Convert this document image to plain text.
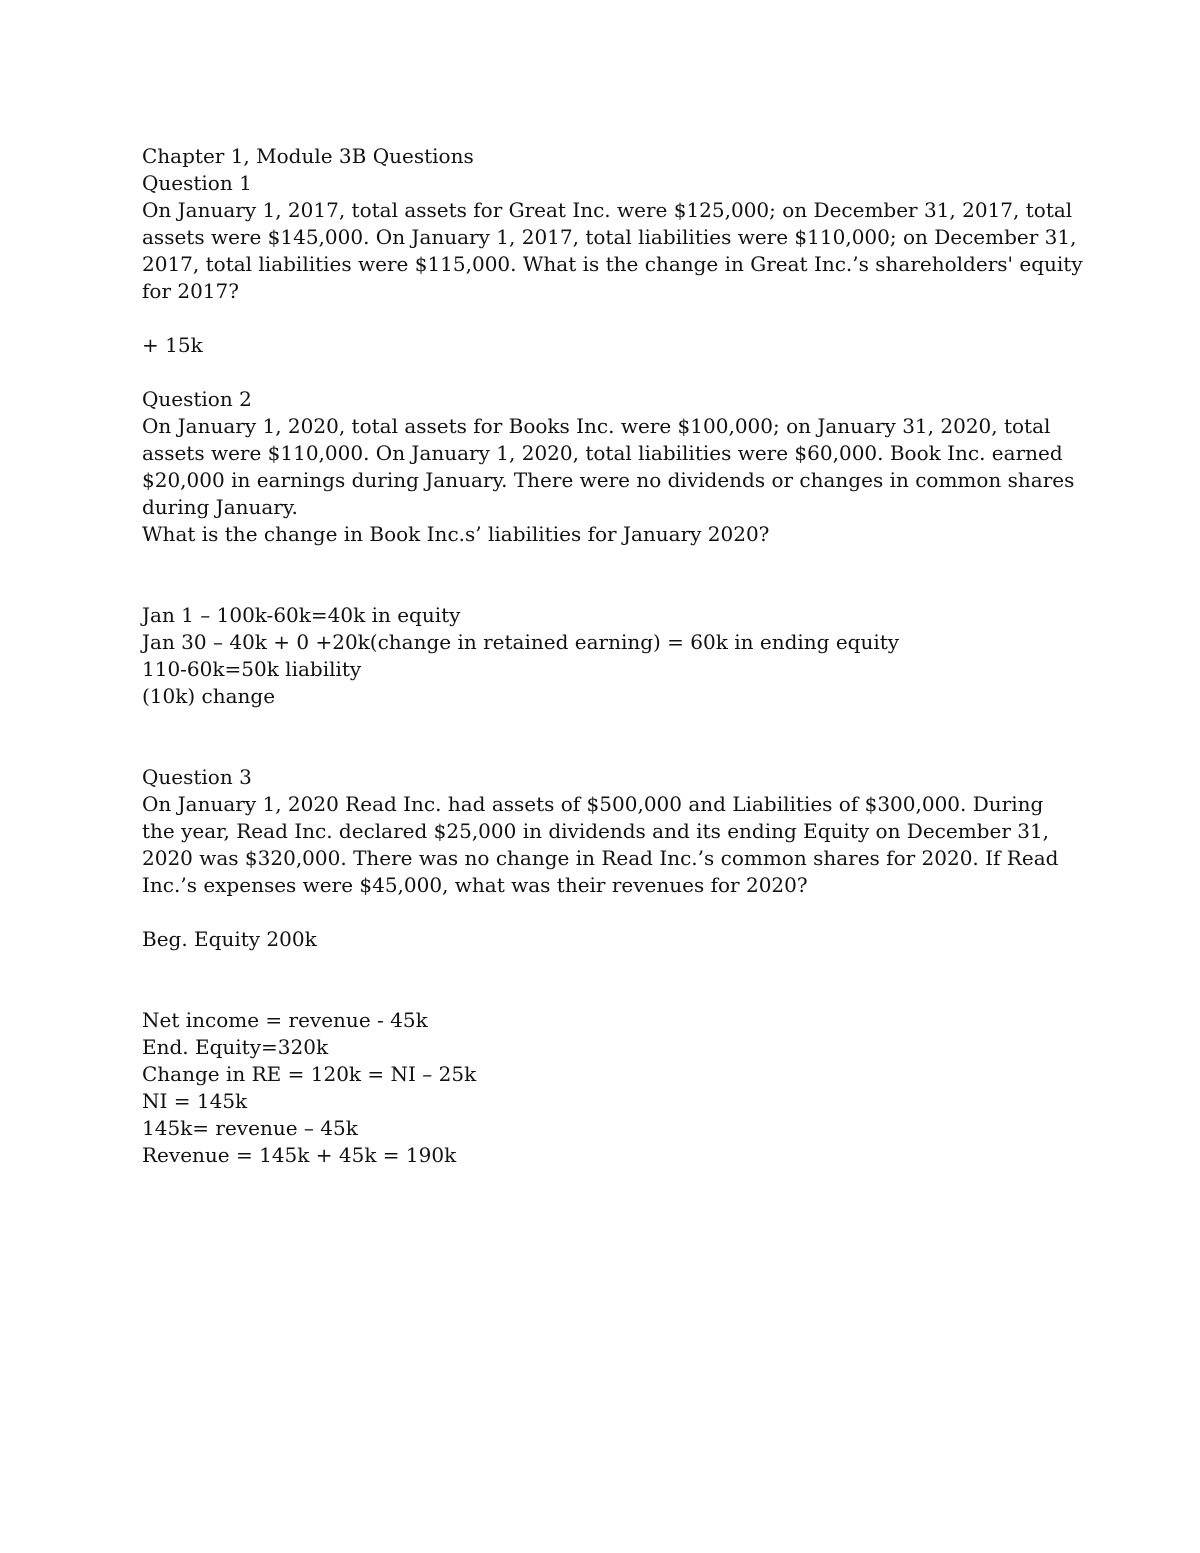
Chapter 1, Module 3B Questions
Question 1
On January 1, 2017, total assets for Great Inc. were $125,000; on December 31, 2017, total
assets were $145,000. On January 1, 2017, total liabilities were $110,000; on December 31,
2017, total liabilities were $115,000. What is the change in Great Inc.’s shareholders' equity
for 2017?
+ 15k
Question 2
On January 1, 2020, total assets for Books Inc. were $100,000; on January 31, 2020, total
assets were $110,000. On January 1, 2020, total liabilities were $60,000. Book Inc. earned
$20,000 in earnings during January. There were no dividends or changes in common shares
during January.
What is the change in Book Inc.s’ liabilities for January 2020?
Jan 1 – 100k-60k=40k in equity
Jan 30 – 40k + 0 +20k(change in retained earning) = 60k in ending equity
110-60k=50k liability
(10k) change
Question 3
On January 1, 2020 Read Inc. had assets of $500,000 and Liabilities of $300,000. During
the year, Read Inc. declared $25,000 in dividends and its ending Equity on December 31,
2020 was $320,000. There was no change in Read Inc.’s common shares for 2020. If Read
Inc.’s expenses were $45,000, what was their revenues for 2020?
Beg. Equity 200k
Net income = revenue - 45k
End. Equity=320k
Change in RE = 120k = NI – 25k
NI = 145k
145k= revenue – 45k
Revenue = 145k + 45k = 190k
